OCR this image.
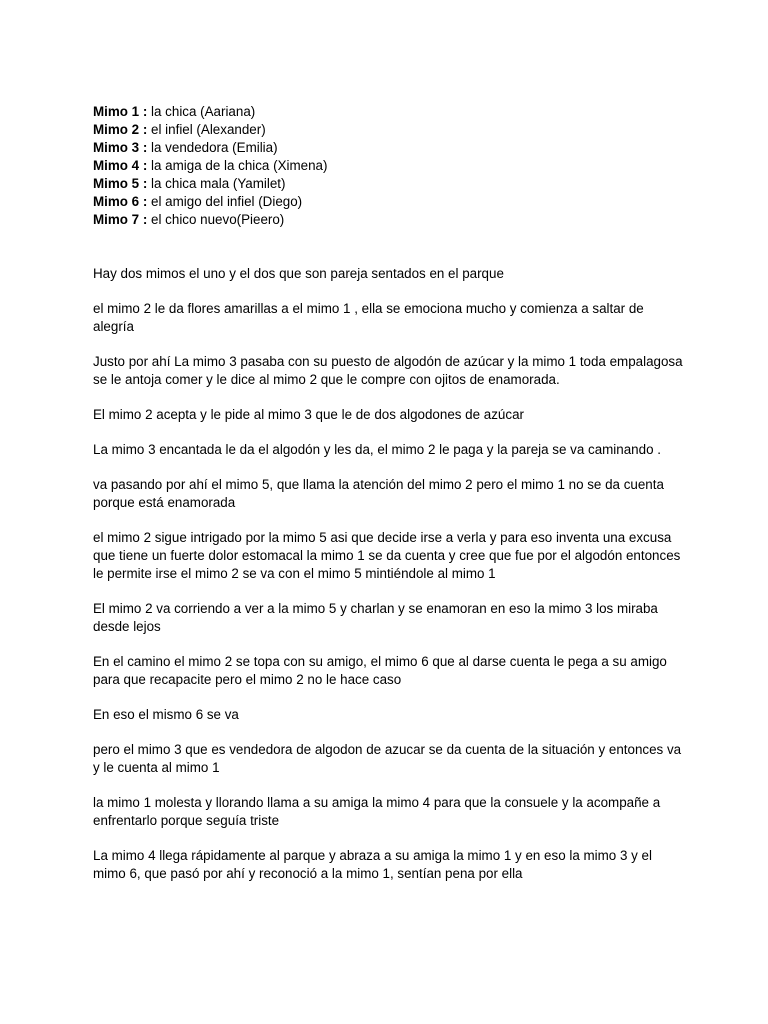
Mimo 1 : la chica (Aariana)
Mimo 2 : el infiel (Alexander)
Mimo 3 : la vendedora (Emilia)
Mimo 4 : la amiga de la chica (Ximena)
Mimo 5 : la chica mala (Yamilet)
Mimo 6 : el amigo del infiel (Diego)
Mimo 7 : el chico nuevo(Pieero)

Hay dos mimos el uno y el dos que son pareja sentados en el parque

el mimo 2 le da flores amarillas a el mimo 1 , ella se emociona mucho y comienza a saltar de alegría

Justo por ahí La mimo 3 pasaba con su puesto de algodón de azúcar y la mimo 1 toda empalagosa se le antoja comer y le dice al mimo 2 que le compre con ojitos de enamorada.

El mimo 2 acepta y le pide al mimo 3 que le de dos algodones de azúcar

La mimo 3 encantada le da el algodón y les da, el mimo 2 le paga y la pareja se va caminando .

va pasando por ahí el mimo 5, que llama la atención del mimo 2 pero el mimo 1 no se da cuenta porque está enamorada

el mimo 2 sigue intrigado por la mimo 5 asi que decide irse a verla y para eso inventa una excusa que tiene un fuerte dolor estomacal la mimo 1 se da cuenta y cree que fue por el algodón entonces le permite irse el mimo 2 se va con el mimo 5 mintiéndole al mimo 1

El mimo 2 va corriendo a ver a la mimo 5 y charlan y se enamoran en eso la mimo 3 los miraba desde lejos

En el camino el mimo 2 se topa con su amigo, el mimo 6 que al darse cuenta le pega a su amigo para que recapacite pero el mimo 2 no le hace caso

En eso el mismo 6 se va

pero el mimo 3 que es vendedora de algodon de azucar se da cuenta de la situación y entonces va y le cuenta al mimo 1

la mimo 1 molesta y llorando llama a su amiga la mimo 4 para que la consuele y la acompañe a enfrentarlo porque seguía triste

La mimo 4 llega rápidamente al parque y abraza a su amiga la mimo 1 y en eso la mimo 3 y el mimo 6, que pasó por ahí y reconoció a la mimo 1, sentían pena por ella
